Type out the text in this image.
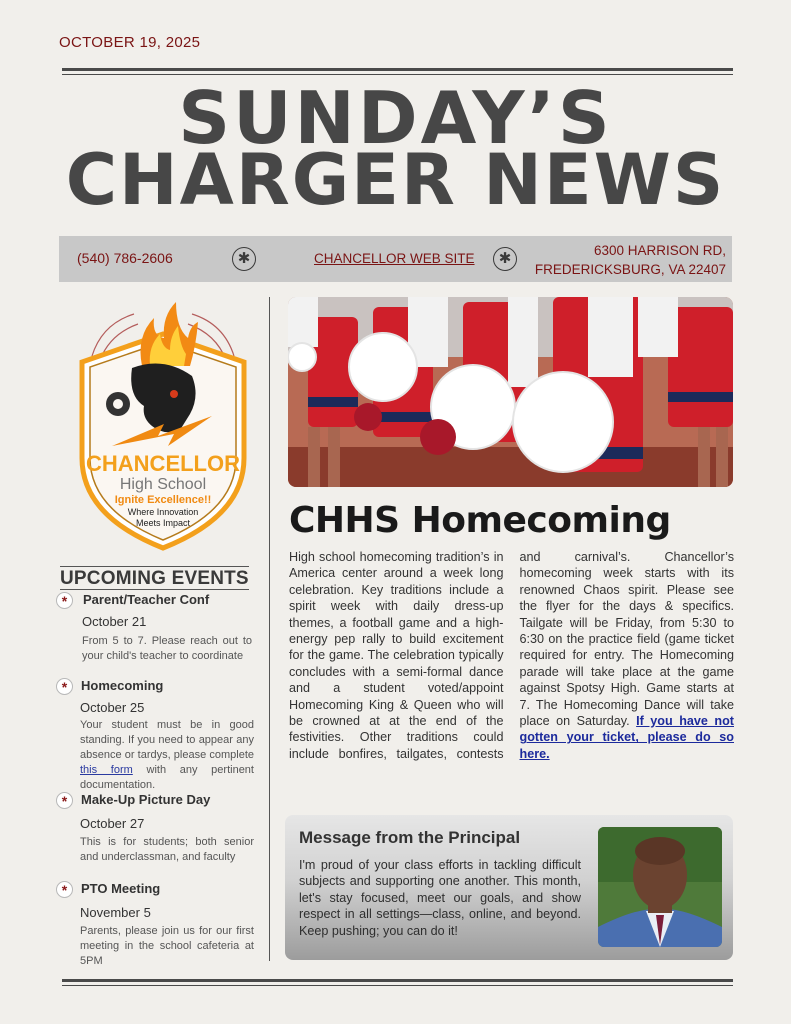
OCTOBER 19, 2025
SUNDAY’S
CHARGER NEWS
(540) 786-2606	✱	CHANCELLOR WEB SITE	✱	6300 HARRISON RD,
FREDERICKSBURG, VA 22407
CHANCELLOR
High School
Ignite Excellence!!
Where Innovation
Meets Impact
UPCOMING EVENTS
*	Parent/Teacher Conf
October 21
From 5 to 7. Please reach out to your child's teacher to coordinate
*	Homecoming
October 25
Your student must be in good standing. If you need to appear any absence or tardys, please complete this form with any pertinent documentation.
*	Make-Up Picture Day
October 27
This is for students; both senior and underclassman, and faculty
*	PTO Meeting
November 5
Parents, please join us for our first meeting in the school cafeteria at 5PM
CHHS Homecoming
High school homecoming tradition’s in America center around a week long celebration. Key traditions include a spirit week with daily dress-up themes, a football game and a high-energy pep rally to build excitement for the game. The celebration typically concludes with a semi-formal dance and a student voted/appoint Homecoming King & Queen who will be crowned at at the end of the festivities. Other traditions could include bonfires, tailgates, contests and carnival’s. Chancellor’s homecoming week starts with its renowned Chaos spirit. Please see the flyer for the days & specifics. Tailgate will be Friday, from 5:30 to 6:30 on the practice field (game ticket required for entry. The Homecoming parade will take place at the game against Spotsy High. Game starts at 7. The Homecoming Dance will take place on Saturday. If you have not gotten your ticket, please do so here.
Message from the Principal
I'm proud of your class efforts in tackling difficult subjects and supporting one another. This month, let's stay focused, meet our goals, and show respect in all settings—class, online, and beyond. Keep pushing; you can do it!
